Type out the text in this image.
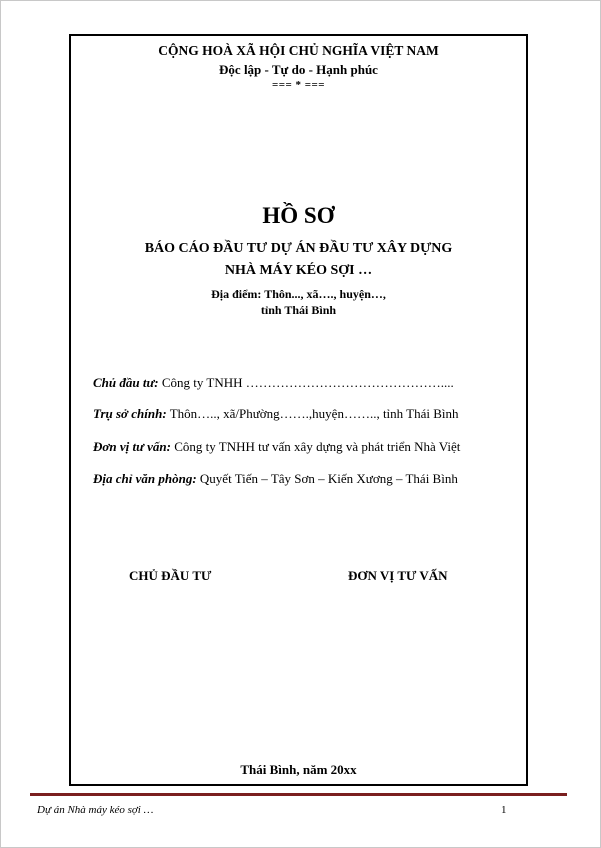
CỘNG HOÀ XÃ HỘI CHỦ NGHĨA VIỆT NAM
Độc lập - Tự do - Hạnh phúc
=== * ===
HỒ SƠ
BÁO CÁO ĐẦU TƯ DỰ ÁN ĐẦU TƯ XÂY DỰNG
NHÀ MÁY KÉO SỢI …
Địa điểm: Thôn..., xã…., huyện…,
tỉnh Thái Bình
Chủ đầu tư: Công ty TNHH ………………………………………....
Trụ sở chính: Thôn….., xã/Phường…….,huyện…….., tỉnh Thái Bình
Đơn vị tư vấn: Công ty TNHH tư vấn xây dựng và phát triển Nhà Việt
Địa chỉ văn phòng: Quyết Tiến – Tây Sơn – Kiến Xương – Thái Bình
CHỦ ĐẦU TƯ	ĐƠN VỊ TƯ VẤN
Thái Bình, năm 20xx
Dự án Nhà máy kéo sợi …	1
